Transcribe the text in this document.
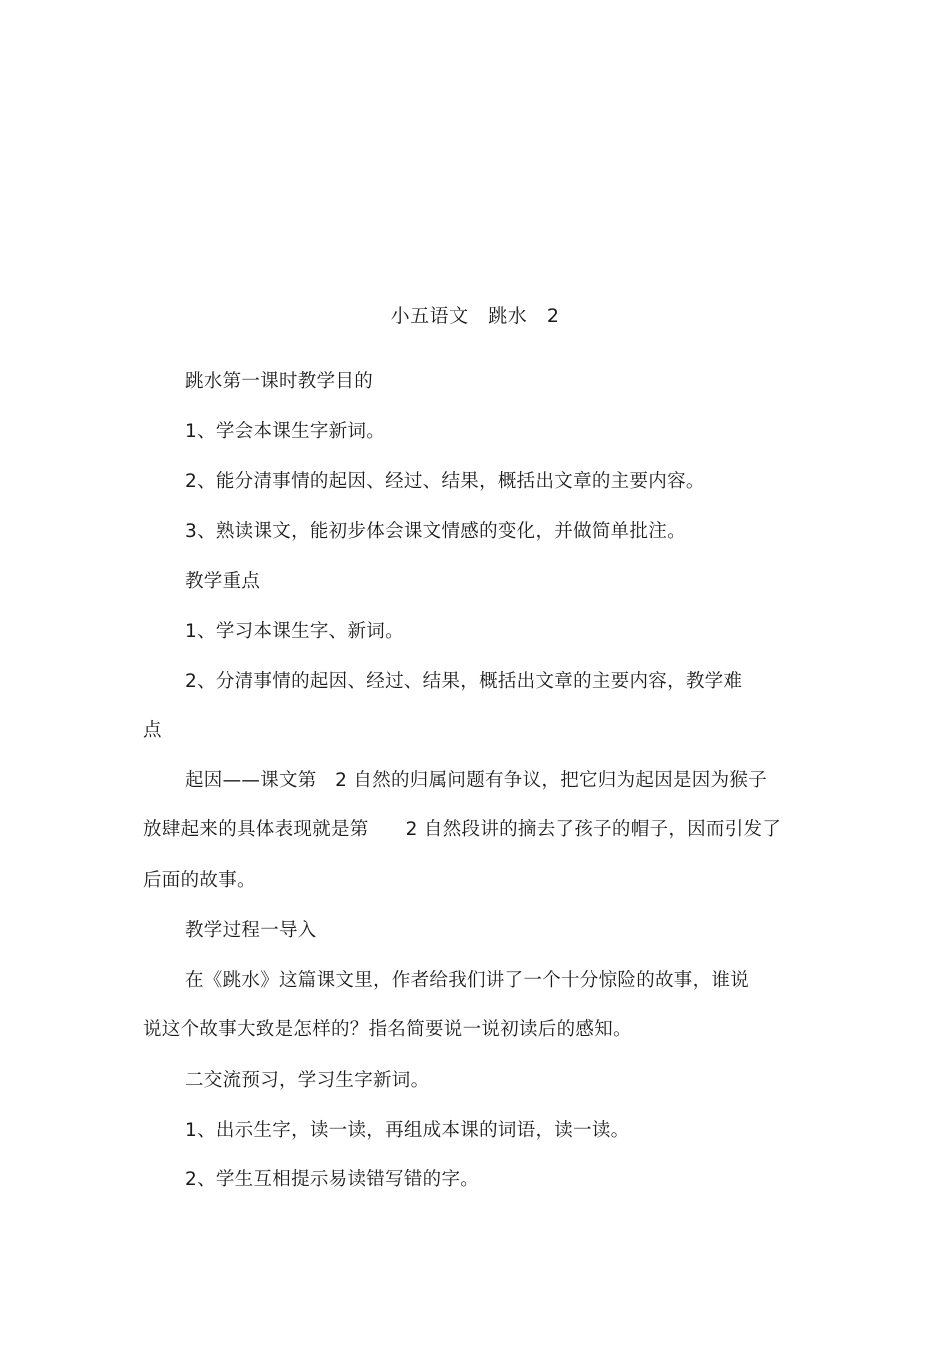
小五语文   跳水   2
跳水第一课时教学目的
1、学会本课生字新词。
2、能分清事情的起因、经过、结果，概括出文章的主要内容。
3、熟读课文，能初步体会课文情感的变化，并做简单批注。
教学重点
1、学习本课生字、新词。
2、分清事情的起因、经过、结果，概括出文章的主要内容，教学难
点
起因——课文第   2 自然的归属问题有争议，把它归为起因是因为猴子
放肆起来的具体表现就是第      2 自然段讲的摘去了孩子的帽子，因而引发了
后面的故事。
教学过程一导入
在《跳水》这篇课文里，作者给我们讲了一个十分惊险的故事，谁说
说这个故事大致是怎样的？指名简要说一说初读后的感知。
二交流预习，学习生字新词。
1、出示生字，读一读，再组成本课的词语，读一读。
2、学生互相提示易读错写错的字。
